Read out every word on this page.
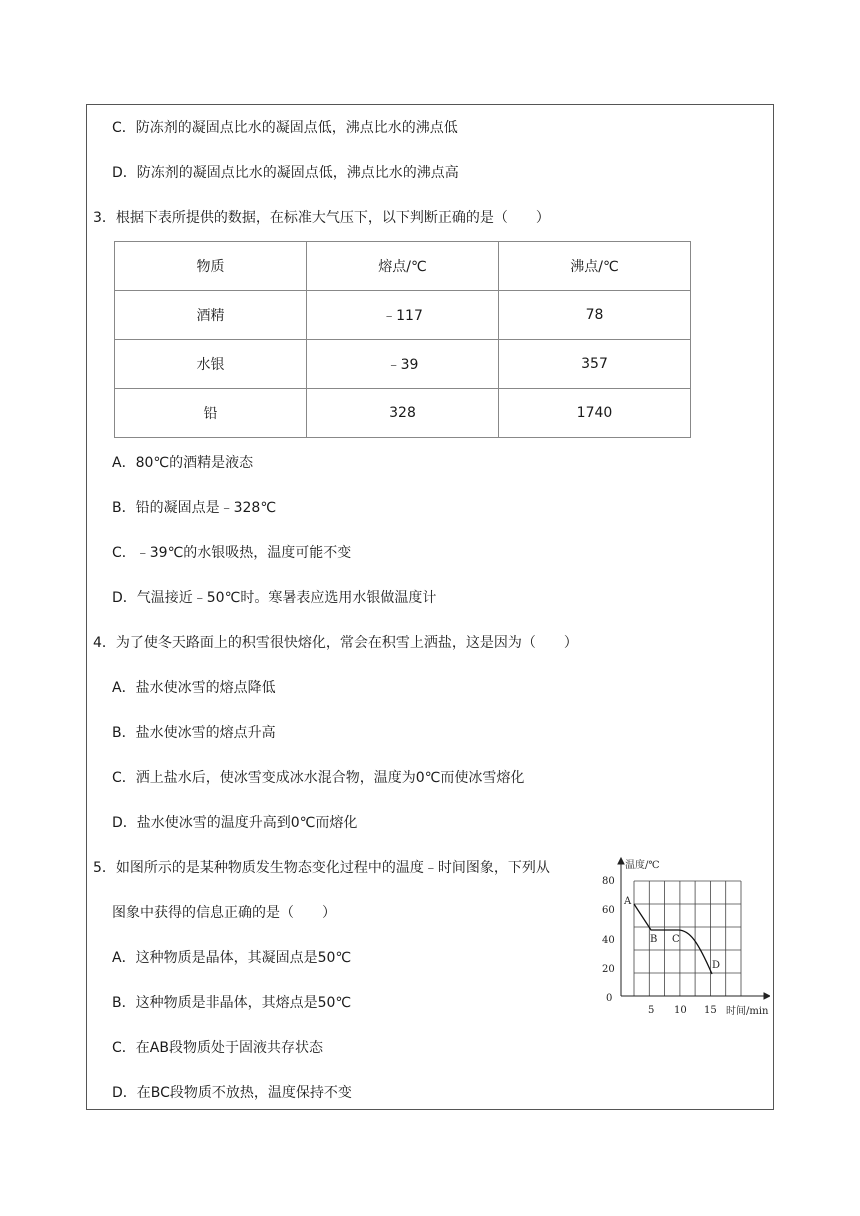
C．防冻剂的凝固点比水的凝固点低，沸点比水的沸点低
D．防冻剂的凝固点比水的凝固点低，沸点比水的沸点高
3．根据下表所提供的数据，在标准大气压下，以下判断正确的是（　　）
物质	熔点/℃	沸点/℃
酒精	﹣117	78
水银	﹣39	357
铅	328	1740
A．80℃的酒精是液态
B．铅的凝固点是﹣328℃
C．﹣39℃的水银吸热，温度可能不变
D．气温接近﹣50℃时。寒暑表应选用水银做温度计
4．为了使冬天路面上的积雪很快熔化，常会在积雪上洒盐，这是因为（　　）
A．盐水使冰雪的熔点降低
B．盐水使冰雪的熔点升高
C．洒上盐水后，使冰雪变成冰水混合物，温度为0℃而使冰雪熔化
D．盐水使冰雪的温度升高到0℃而熔化
5．如图所示的是某种物质发生物态变化过程中的温度﹣时间图象，下列从
图象中获得的信息正确的是（　　）
A．这种物质是晶体，其凝固点是50℃
B．这种物质是非晶体，其熔点是50℃
C．在AB段物质处于固液共存状态
D．在BC段物质不放热，温度保持不变
温度/℃
时间/min
80
60
40
20
0
5 10 15
A
B C
D
